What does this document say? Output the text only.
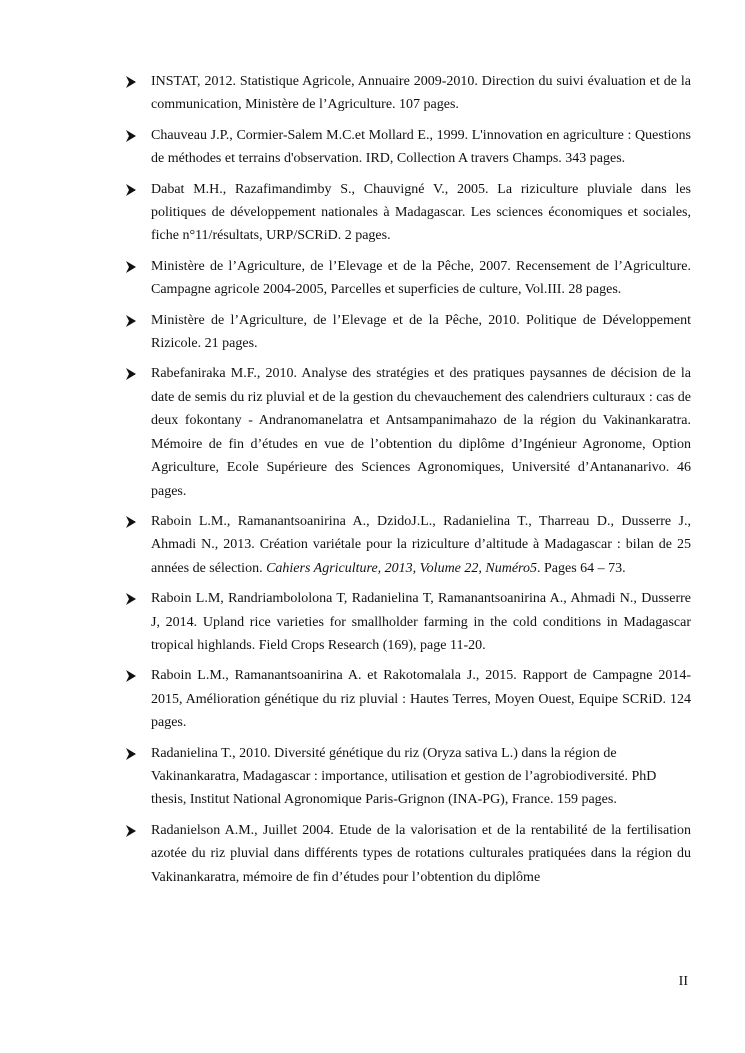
INSTAT, 2012. Statistique Agricole, Annuaire 2009-2010. Direction du suivi évaluation et de la communication, Ministère de l’Agriculture. 107 pages.
Chauveau J.P., Cormier-Salem M.C.et Mollard E., 1999. L'innovation en agriculture : Questions de méthodes et terrains d'observation. IRD, Collection A travers Champs. 343 pages.
Dabat M.H., Razafimandimby S., Chauvigné V., 2005. La riziculture pluviale dans les politiques de développement nationales à Madagascar. Les sciences économiques et sociales, fiche n°11/résultats, URP/SCRiD. 2 pages.
Ministère de l’Agriculture, de l’Elevage et de la Pêche, 2007. Recensement de l’Agriculture. Campagne agricole 2004-2005, Parcelles et superficies de culture, Vol.III. 28 pages.
Ministère de l’Agriculture, de l’Elevage et de la Pêche, 2010. Politique de Développement Rizicole. 21 pages.
Rabefaniraka M.F., 2010. Analyse des stratégies et des pratiques paysannes de décision de la date de semis du riz pluvial et de la gestion du chevauchement des calendriers culturaux : cas de deux fokontany - Andranomanelatra et Antsampanimahazo de la région du Vakinankaratra. Mémoire de fin d’études en vue de l’obtention du diplôme d’Ingénieur Agronome, Option Agriculture, Ecole Supérieure des Sciences Agronomiques, Université d’Antananarivo. 46 pages.
Raboin L.M., Ramanantsoanirina A., DzidoJ.L., Radanielina T., Tharreau D., Dusserre J., Ahmadi N., 2013. Création variétale pour la riziculture d’altitude à Madagascar : bilan de 25 années de sélection. Cahiers Agriculture, 2013, Volume 22, Numéro5. Pages 64 – 73.
Raboin L.M, Randriambololona T, Radanielina T, Ramanantsoanirina A., Ahmadi N., Dusserre J, 2014. Upland rice varieties for smallholder farming in the cold conditions in Madagascar tropical highlands. Field Crops Research (169), page 11-20.
Raboin L.M., Ramanantsoanirina A. et Rakotomalala J., 2015. Rapport de Campagne 2014-2015, Amélioration génétique du riz pluvial : Hautes Terres, Moyen Ouest, Equipe SCRiD. 124 pages.
Radanielina T., 2010. Diversité génétique du riz (Oryza sativa L.) dans la région de Vakinankaratra, Madagascar : importance, utilisation et gestion de l’agrobiodiversité. PhD thesis, Institut National Agronomique Paris-Grignon (INA-PG), France. 159 pages.
Radanielson A.M., Juillet 2004. Etude de la valorisation et de la rentabilité de la fertilisation azotée du riz pluvial dans différents types de rotations culturales pratiquées dans la région du Vakinankaratra, mémoire de fin d’études pour l’obtention du diplôme
II
